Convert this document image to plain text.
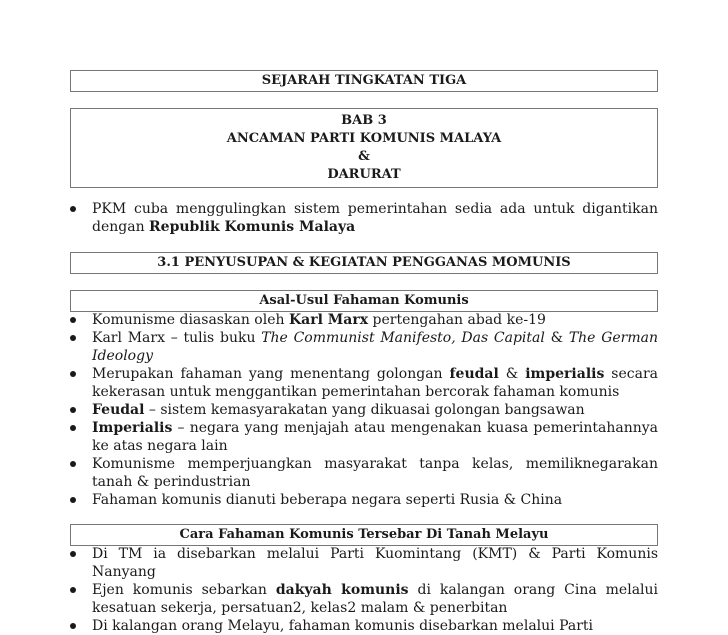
SEJARAH TINGKATAN TIGA
BAB 3
ANCAMAN PARTI KOMUNIS MALAYA
&
DARURAT
PKM cuba menggulingkan sistem pemerintahan sedia ada untuk digantikan dengan Republik Komunis Malaya
3.1 PENYUSUPAN & KEGIATAN PENGGANAS MOMUNIS
Asal-Usul Fahaman Komunis
Komunisme diasaskan oleh Karl Marx pertengahan abad ke-19
Karl Marx – tulis buku The Communist Manifesto, Das Capital & The German Ideology
Merupakan fahaman yang menentang golongan feudal & imperialis secara kekerasan untuk menggantikan pemerintahan bercorak fahaman komunis
Feudal – sistem kemasyarakatan yang dikuasai golongan bangsawan
Imperialis – negara yang menjajah atau mengenakan kuasa pemerintahannya ke atas negara lain
Komunisme memperjuangkan masyarakat tanpa kelas, memiliknegarakan tanah & perindustrian
Fahaman komunis dianuti beberapa negara seperti Rusia & China
Cara Fahaman Komunis Tersebar Di Tanah Melayu
Di TM ia disebarkan melalui Parti Kuomintang (KMT) & Parti Komunis Nanyang
Ejen komunis sebarkan dakyah komunis di kalangan orang Cina melalui kesatuan sekerja, persatuan2, kelas2 malam & penerbitan
Di kalangan orang Melayu, fahaman komunis disebarkan melalui Parti
